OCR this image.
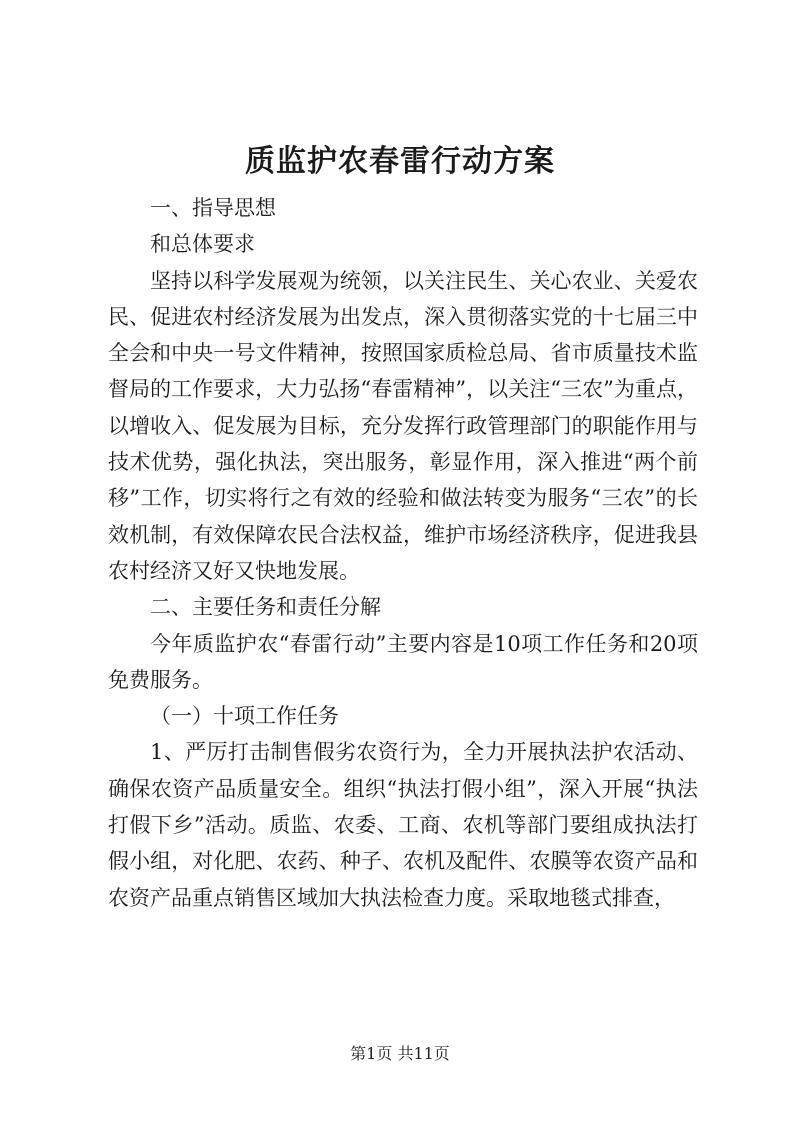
质监护农春雷行动方案

一、指导思想

和总体要求

坚持以科学发展观为统领，以关注民生、关心农业、关爱农民、促进农村经济发展为出发点，深入贯彻落实党的十七届三中全会和中央一号文件精神，按照国家质检总局、省市质量技术监督局的工作要求，大力弘扬“春雷精神”，以关注“三农”为重点，以增收入、促发展为目标，充分发挥行政管理部门的职能作用与技术优势，强化执法，突出服务，彰显作用，深入推进“两个前移”工作，切实将行之有效的经验和做法转变为服务“三农”的长效机制，有效保障农民合法权益，维护市场经济秩序，促进我县农村经济又好又快地发展。

二、主要任务和责任分解

今年质监护农“春雷行动”主要内容是10项工作任务和20项免费服务。

（一）十项工作任务

1、严厉打击制售假劣农资行为，全力开展执法护农活动、确保农资产品质量安全。组织“执法打假小组”，深入开展“执法打假下乡”活动。质监、农委、工商、农机等部门要组成执法打假小组，对化肥、农药、种子、农机及配件、农膜等农资产品和农资产品重点销售区域加大执法检查力度。采取地毯式排查，

第1页 共11页
